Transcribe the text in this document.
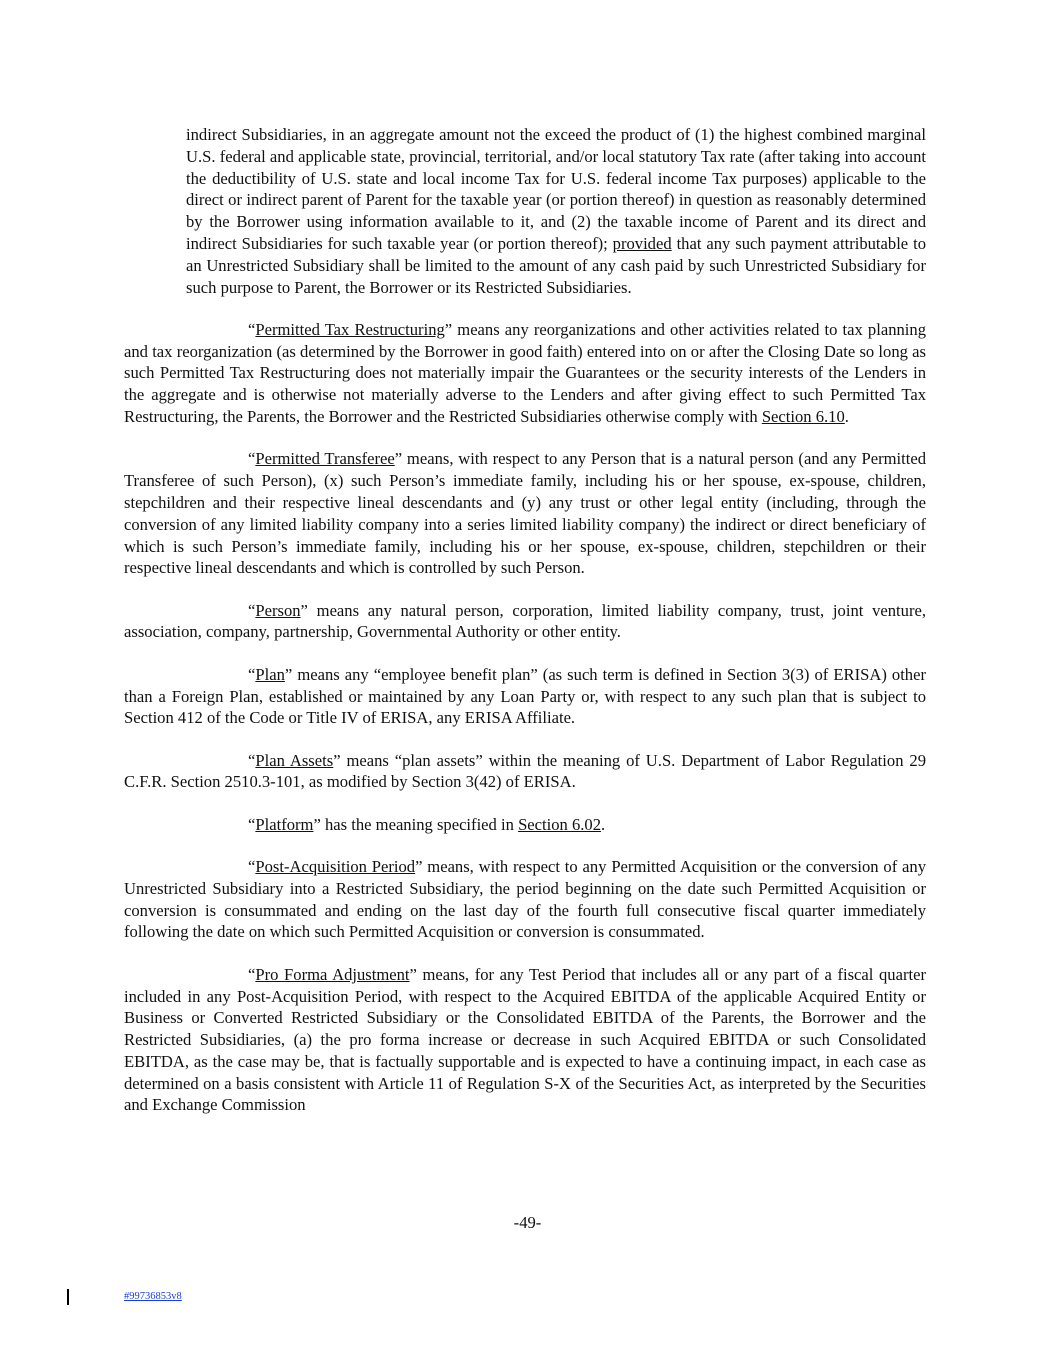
indirect Subsidiaries, in an aggregate amount not the exceed the product of (1) the highest combined marginal U.S. federal and applicable state, provincial, territorial, and/or local statutory Tax rate (after taking into account the deductibility of U.S. state and local income Tax for U.S. federal income Tax purposes) applicable to the direct or indirect parent of Parent for the taxable year (or portion thereof) in question as reasonably determined by the Borrower using information available to it, and (2) the taxable income of Parent and its direct and indirect Subsidiaries for such taxable year (or portion thereof); provided that any such payment attributable to an Unrestricted Subsidiary shall be limited to the amount of any cash paid by such Unrestricted Subsidiary for such purpose to Parent, the Borrower or its Restricted Subsidiaries.

“Permitted Tax Restructuring” means any reorganizations and other activities related to tax planning and tax reorganization (as determined by the Borrower in good faith) entered into on or after the Closing Date so long as such Permitted Tax Restructuring does not materially impair the Guarantees or the security interests of the Lenders in the aggregate and is otherwise not materially adverse to the Lenders and after giving effect to such Permitted Tax Restructuring, the Parents, the Borrower and the Restricted Subsidiaries otherwise comply with Section 6.10.

“Permitted Transferee” means, with respect to any Person that is a natural person (and any Permitted Transferee of such Person), (x) such Person’s immediate family, including his or her spouse, ex-spouse, children, stepchildren and their respective lineal descendants and (y) any trust or other legal entity (including, through the conversion of any limited liability company into a series limited liability company) the indirect or direct beneficiary of which is such Person’s immediate family, including his or her spouse, ex-spouse, children, stepchildren or their respective lineal descendants and which is controlled by such Person.

“Person” means any natural person, corporation, limited liability company, trust, joint venture, association, company, partnership, Governmental Authority or other entity.

“Plan” means any “employee benefit plan” (as such term is defined in Section 3(3) of ERISA) other than a Foreign Plan, established or maintained by any Loan Party or, with respect to any such plan that is subject to Section 412 of the Code or Title IV of ERISA, any ERISA Affiliate.

“Plan Assets” means “plan assets” within the meaning of U.S. Department of Labor Regulation 29 C.F.R. Section 2510.3-101, as modified by Section 3(42) of ERISA.

“Platform” has the meaning specified in Section 6.02.

“Post-Acquisition Period” means, with respect to any Permitted Acquisition or the conversion of any Unrestricted Subsidiary into a Restricted Subsidiary, the period beginning on the date such Permitted Acquisition or conversion is consummated and ending on the last day of the fourth full consecutive fiscal quarter immediately following the date on which such Permitted Acquisition or conversion is consummated.

“Pro Forma Adjustment” means, for any Test Period that includes all or any part of a fiscal quarter included in any Post-Acquisition Period, with respect to the Acquired EBITDA of the applicable Acquired Entity or Business or Converted Restricted Subsidiary or the Consolidated EBITDA of the Parents, the Borrower and the Restricted Subsidiaries, (a) the pro forma increase or decrease in such Acquired EBITDA or such Consolidated EBITDA, as the case may be, that is factually supportable and is expected to have a continuing impact, in each case as determined on a basis consistent with Article 11 of Regulation S-X of the Securities Act, as interpreted by the Securities and Exchange Commission

-49-
#99736853v8
